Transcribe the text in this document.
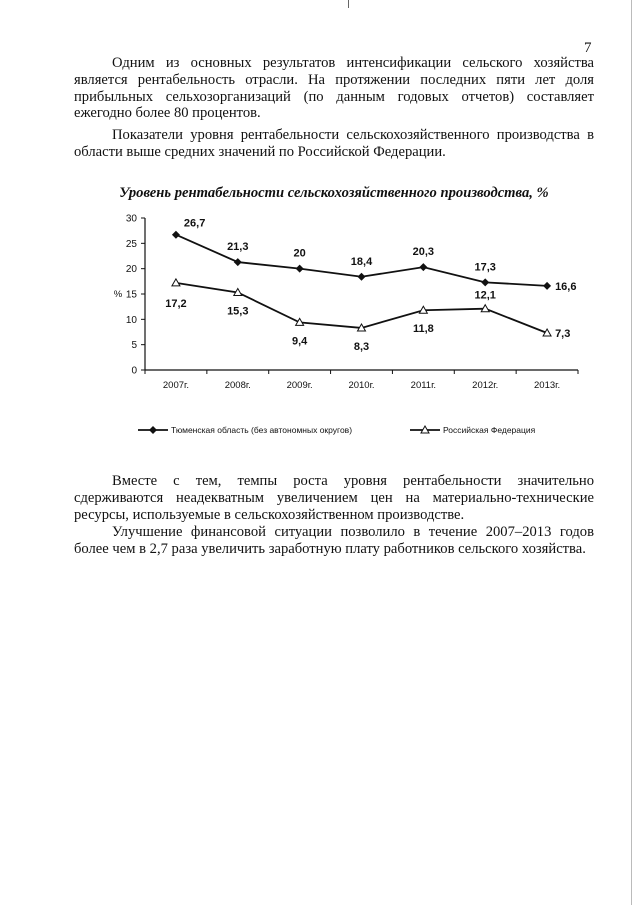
7

Одним из основных результатов интенсификации сельского хозяйства является рентабельность отрасли. На протяжении последних пяти лет доля прибыльных сельхозорганизаций (по данным годовых отчетов) составляет ежегодно более 80 процентов.

Показатели уровня рентабельности сельскохозяйственного производства в области выше средних значений по Российской Федерации.

Уровень рентабельности сельскохозяйственного производства, %
0
5
10
15
20
25
30
2007г.	2008г.	2009г.	2010г.	2011г.	2012г.	2013г.
%
26,7
21,3
20
18,4
20,3
17,3
16,6
17,2
15,3
9,4	8,3
11,8
12,1
7,3
Тюменская область (без автономных округов)	Российская Федерация

Вместе с тем, темпы роста уровня рентабельности значительно сдерживаются неадекватным увеличением цен на материально-технические ресурсы, используемые в сельскохозяйственном производстве.

Улучшение финансовой ситуации позволило в течение 2007–2013 годов более чем в 2,7 раза увеличить заработную плату работников сельского хозяйства.
